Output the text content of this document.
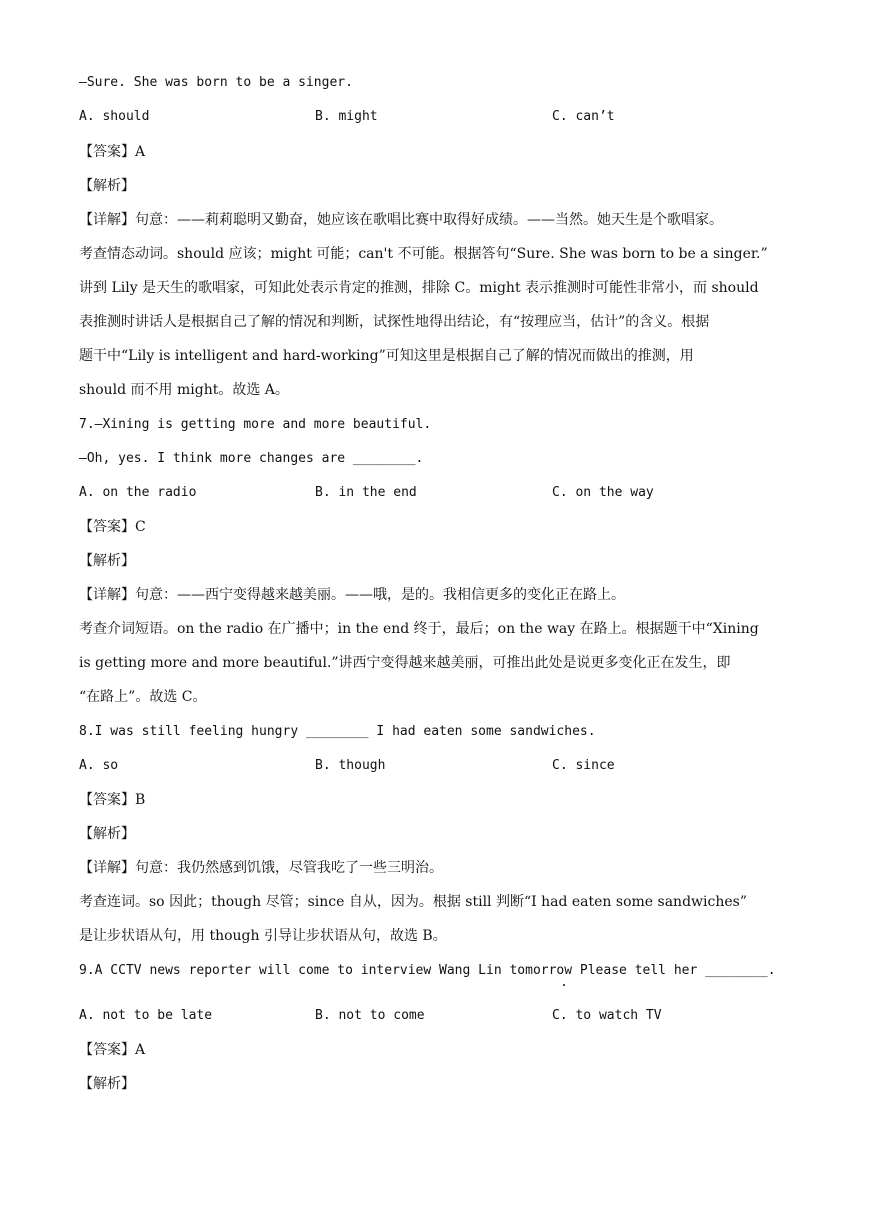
—Sure. She was born to be a singer.
A. should	B. might	C. can’t
【答案】A
【解析】
【详解】句意：——莉莉聪明又勤奋，她应该在歌唱比赛中取得好成绩。——当然。她天生是个歌唱家。
考查情态动词。should 应该；might 可能；can't 不可能。根据答句“Sure. She was born to be a singer.”
讲到 Lily 是天生的歌唱家，可知此处表示肯定的推测，排除 C。might 表示推测时可能性非常小，而 should
表推测时讲话人是根据自己了解的情况和判断，试探性地得出结论，有“按理应当，估计”的含义。根据
题干中“Lily is intelligent and hard-working”可知这里是根据自己了解的情况而做出的推测，用
should 而不用 might。故选 A。
7.—Xining is getting more and more beautiful.
—Oh, yes. I think more changes are ________.
A. on the radio	B. in the end	C. on the way
【答案】C
【解析】
【详解】句意：——西宁变得越来越美丽。——哦，是的。我相信更多的变化正在路上。
考查介词短语。on the radio 在广播中；in the end 终于，最后；on the way 在路上。根据题干中“Xining
is getting more and more beautiful.”讲西宁变得越来越美丽，可推出此处是说更多变化正在发生，即
“在路上”。故选 C。
8.I was still feeling hungry ________ I had eaten some sandwiches.
A. so	B. though	C. since
【答案】B
【解析】
【详解】句意：我仍然感到饥饿，尽管我吃了一些三明治。
考查连词。so 因此；though 尽管；since 自从，因为。根据 still 判断“I had eaten some sandwiches”
是让步状语从句，用 though 引导让步状语从句，故选 B。
9.A CCTV news reporter will come to interview Wang Lin tomorrow Please tell her ________.
A. not to be late	B. not to come	C. to watch TV
【答案】A
【解析】
